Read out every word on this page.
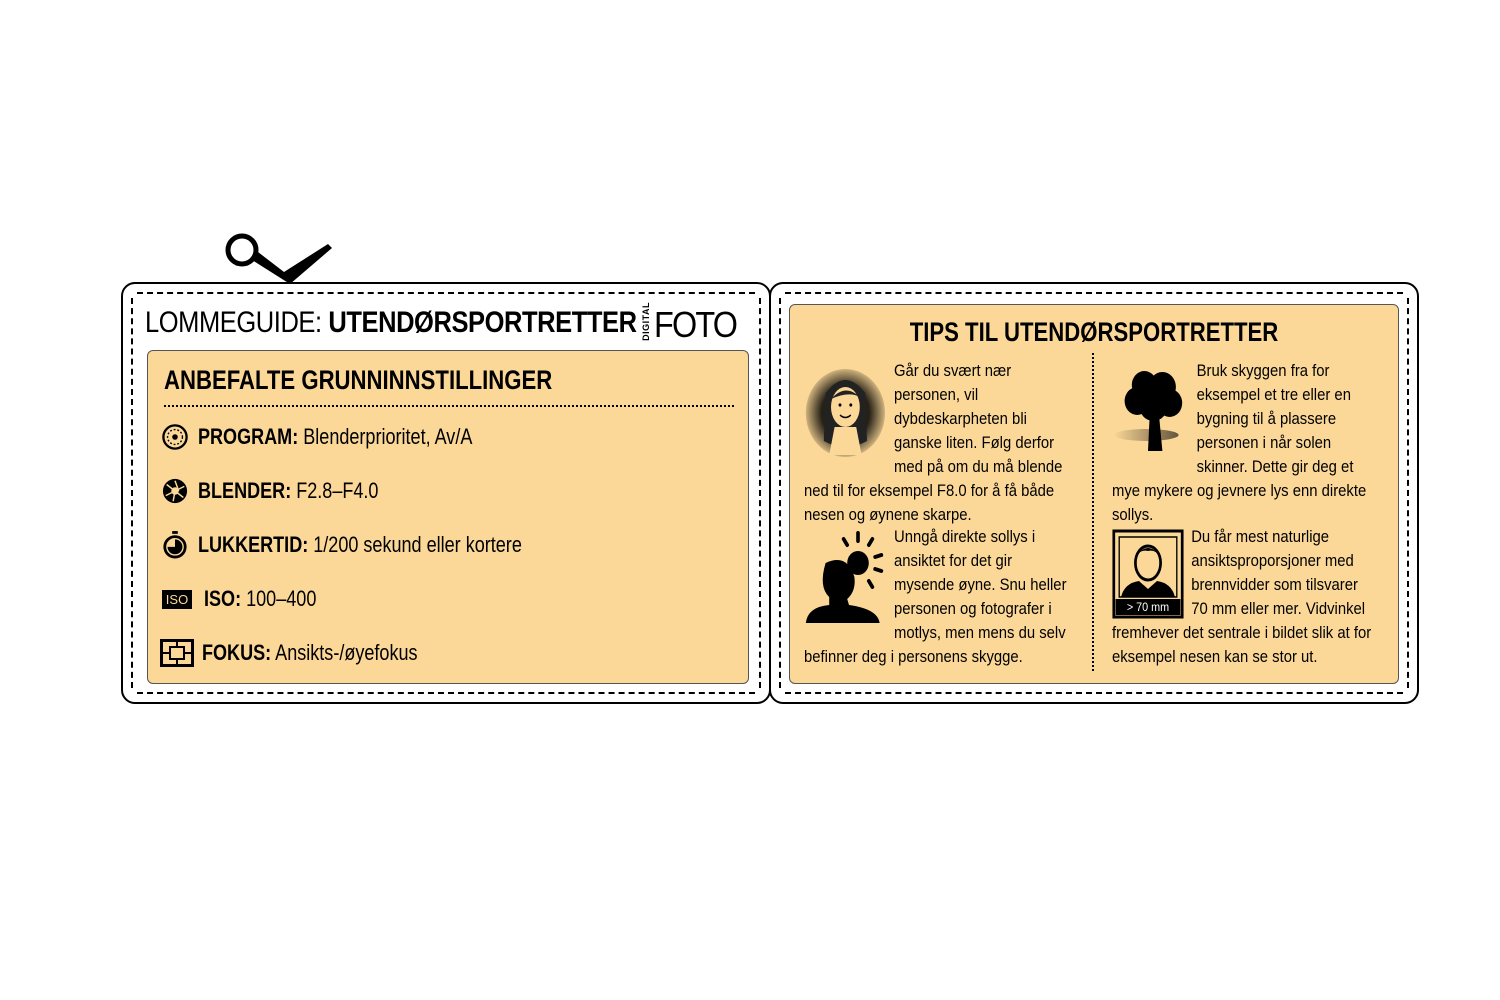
LOMMEGUIDE: UTENDØRSPORTRETTER DIGITAL FOTO
ANBEFALTE GRUNNINNSTILLINGER
PROGRAM: Blenderprioritet, Av/A
BLENDER: F2.8–F4.0
LUKKERTID: 1/200 sekund eller kortere
ISO ISO: 100–400
FOKUS: Ansikts-/øyefokus
TIPS TIL UTENDØRSPORTRETTER

Går du svært nær personen, vil dybdeskarpheten bli ganske liten. Følg derfor med på om du må blende ned til for eksempel F8.0 for å få både nesen og øynene skarpe.

Bruk skyggen fra for eksempel et tre eller en bygning til å plassere personen i når solen skinner. Dette gir deg et mye mykere og jevnere lys enn direkte sollys.

Unngå direkte sollys i ansiktet for det gir mysende øyne. Snu heller personen og fotografer i motlys, men mens du selv befinner deg i personens skygge.

> 70 mm

Du får mest naturlige ansiktsproporsjoner med brennvidder som tilsvarer 70 mm eller mer. Vidvinkel fremhever det sentrale i bildet slik at for eksempel nesen kan se stor ut.
